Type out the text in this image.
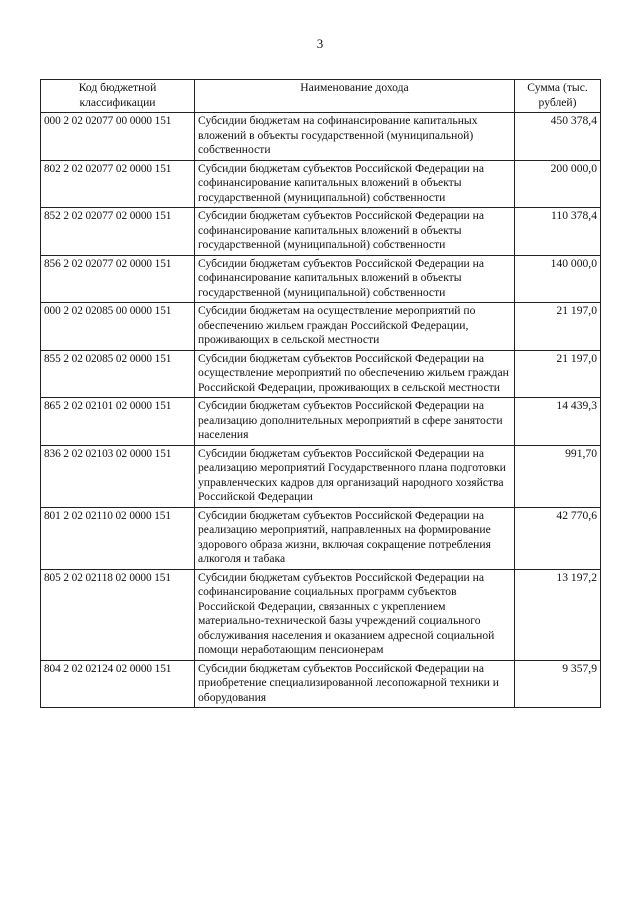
3
Код бюджетной классификации	Наименование дохода	Сумма (тыс. рублей)
000 2 02 02077 00 0000 151	Субсидии бюджетам на софинансирование капитальных вложений в объекты государственной (муниципальной) собственности	450 378,4
802 2 02 02077 02 0000 151	Субсидии бюджетам субъектов Российской Федерации на софинансирование капитальных вложений в объекты государственной (муниципальной) собственности	200 000,0
852 2 02 02077 02 0000 151	Субсидии бюджетам субъектов Российской Федерации на софинансирование капитальных вложений в объекты государственной (муниципальной) собственности	110 378,4
856 2 02 02077 02 0000 151	Субсидии бюджетам субъектов Российской Федерации на софинансирование капитальных вложений в объекты государственной (муниципальной) собственности	140 000,0
000 2 02 02085 00 0000 151	Субсидии бюджетам на осуществление мероприятий по обеспечению жильем граждан Российской Федерации, проживающих в сельской местности	21 197,0
855 2 02 02085 02 0000 151	Субсидии бюджетам субъектов Российской Федерации на осуществление мероприятий по обеспечению жильем граждан Российской Федерации, проживающих в сельской местности	21 197,0
865 2 02 02101 02 0000 151	Субсидии бюджетам субъектов Российской Федерации на реализацию дополнительных мероприятий в сфере занятости населения	14 439,3
836 2 02 02103 02 0000 151	Субсидии бюджетам субъектов Российской Федерации на реализацию мероприятий Государственного плана подготовки управленческих кадров для организаций народного хозяйства Российской Федерации	991,70
801 2 02 02110 02 0000 151	Субсидии бюджетам субъектов Российской Федерации на реализацию мероприятий, направленных на формирование здорового образа жизни, включая сокращение потребления алкоголя и табака	42 770,6
805 2 02 02118 02 0000 151	Субсидии бюджетам субъектов Российской Федерации на софинансирование социальных программ субъектов Российской Федерации, связанных с укреплением материально-технической базы учреждений социального обслуживания населения и оказанием адресной социальной помощи неработающим пенсионерам	13 197,2
804 2 02 02124 02 0000 151	Субсидии бюджетам субъектов Российской Федерации на приобретение специализированной лесопожарной техники и оборудования	9 357,9
